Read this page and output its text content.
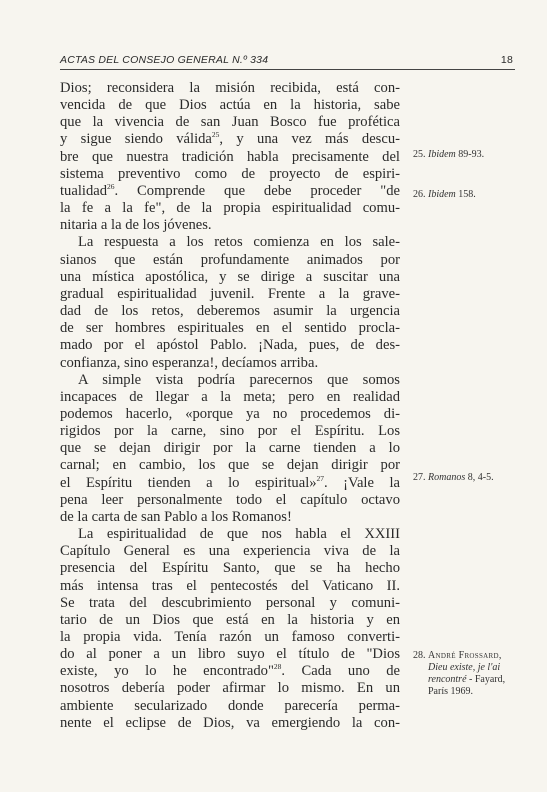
ACTAS DEL CONSEJO GENERAL N.º 334	18

Dios; reconsidera la misión recibida, está con-
vencida de que Dios actúa en la historia, sabe
que la vivencia de san Juan Bosco fue profética
y sigue siendo válida$^{25}$, y una vez más descu-
bre que nuestra tradición habla precisamente del
sistema preventivo como de proyecto de espiri-
tualidad$^{26}$. Comprende que debe proceder "de
la fe a la fe", de la propia espiritualidad comu-
nitaria a la de los jóvenes.

La respuesta a los retos comienza en los sale-
sianos que están profundamente animados por
una mística apostólica, y se dirige a suscitar una
gradual espiritualidad juvenil. Frente a la grave-
dad de los retos, deberemos asumir la urgencia
de ser hombres espirituales en el sentido procla-
mado por el apóstol Pablo. ¡Nada, pues, de des-
confianza, sino esperanza!, decíamos arriba.

A simple vista podría parecernos que somos
incapaces de llegar a la meta; pero en realidad
podemos hacerlo, «porque ya no procedemos di-
rigidos por la carne, sino por el Espíritu. Los
que se dejan dirigir por la carne tienden a lo
carnal; en cambio, los que se dejan dirigir por
el Espíritu tienden a lo espiritual»$^{27}$. ¡Vale la
pena leer personalmente todo el capítulo octavo
de la carta de san Pablo a los Romanos!

La espiritualidad de que nos habla el XXIII
Capítulo General es una experiencia viva de la
presencia del Espíritu Santo, que se ha hecho
más intensa tras el pentecostés del Vaticano II.
Se trata del descubrimiento personal y comuni-
tario de un Dios que está en la historia y en
la propia vida. Tenía razón un famoso converti-
do al poner a un libro suyo el título de "Dios
existe, yo lo he encontrado"$^{28}$. Cada uno de
nosotros debería poder afirmar lo mismo. En un
ambiente secularizado donde parecería perma-
nente el eclipse de Dios, va emergiendo la con-

25. Ibidem 89-93.
26. Ibidem 158.
27. Romanos 8, 4-5.
28. André Frossard,
Dieu existe, je l'ai
rencontré - Fayard,
París 1969.
